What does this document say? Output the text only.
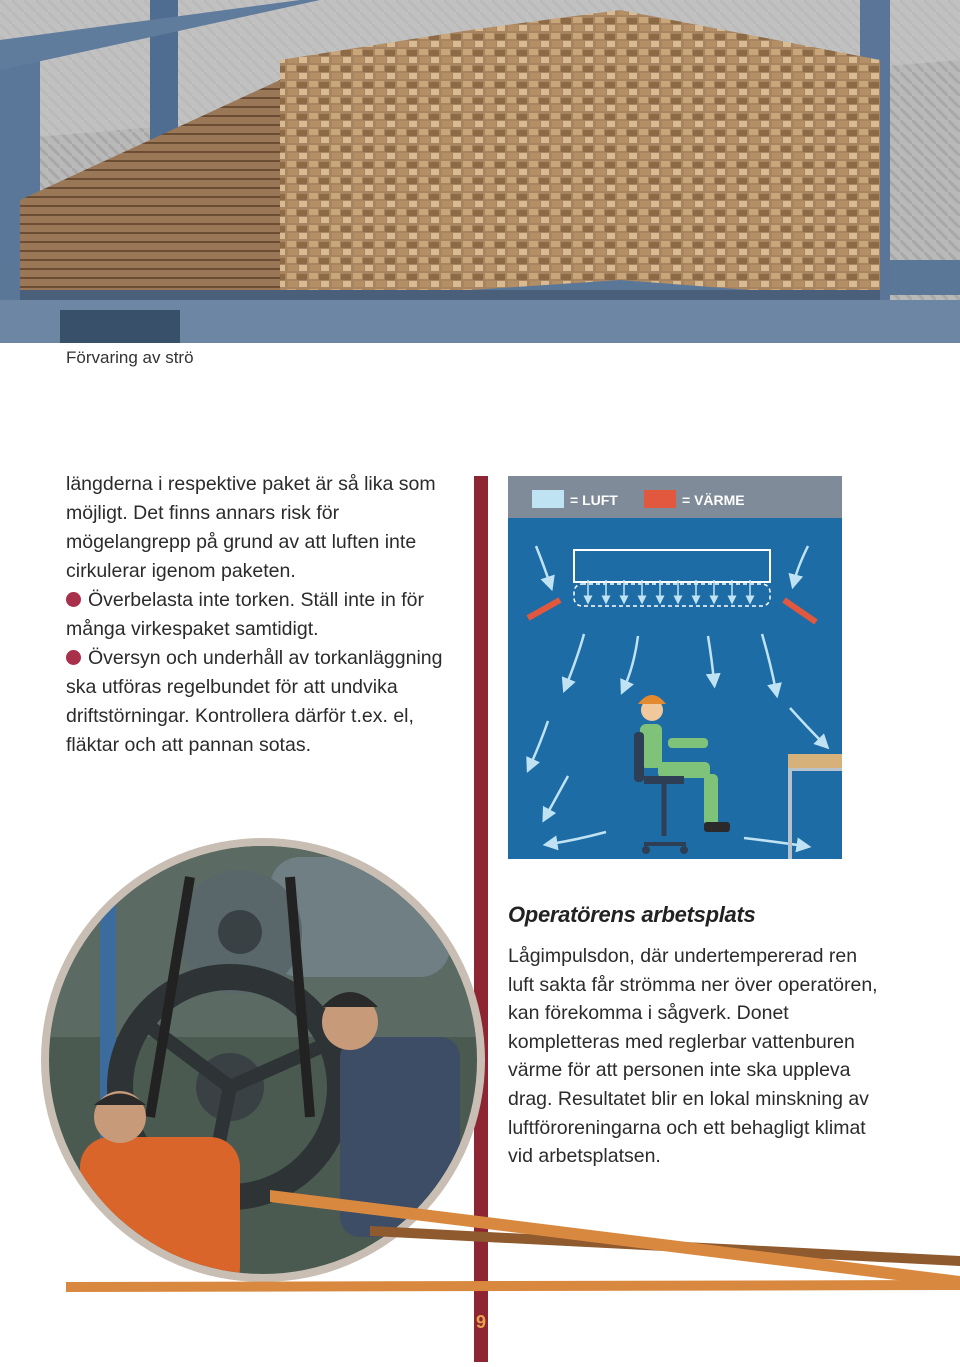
Förvaring av strö

längderna i respektive paket är så lika som möjligt. Det finns annars risk för mögelangrepp på grund av att luften inte cirkulerar igenom paketen.

Överbelasta inte torken. Ställ inte in för många virkespaket samtidigt.

Översyn och underhåll av torkanläggning ska utföras regelbundet för att undvika driftstörningar. Kontrollera därför t.ex. el, fläktar och att pannan sotas.

= LUFT	= VÄRME
Operatörens arbetsplats

Lågimpulsdon, där undertempererad ren luft sakta får strömma ner över operatören, kan förekomma i sågverk. Donet kompletteras med reglerbar vattenburen värme för att personen inte ska uppleva drag. Resultatet blir en lokal minskning av luftföroreningarna och ett behagligt klimat vid arbetsplatsen.

9
